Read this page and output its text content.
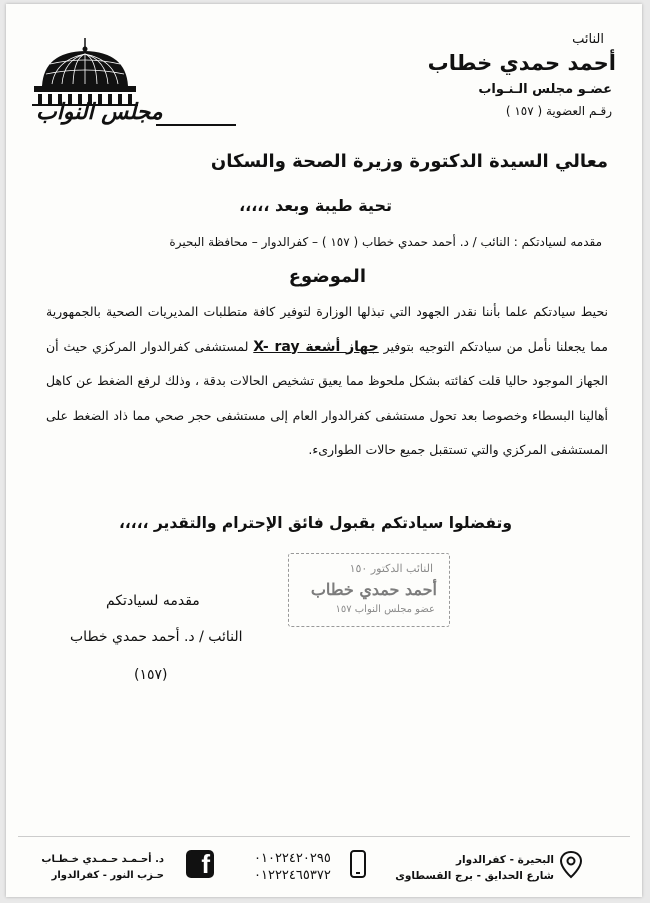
النائب
أحمد حمدي خطاب
عضـو مجلس الـنـواب
رقـم العضوية ( ١٥٧ )
مجلس النواب
معالي السيدة الدكتورة وزيرة الصحة والسكان
تحية طيبة وبعد ،،،،،
مقدمه لسيادتكم : النائب / د. أحمد حمدي خطاب ( ١٥٧ ) – كفرالدوار – محافظة البحيرة
الموضوع
نحيط سيادتكم علما بأننا نقدر الجهود التي تبذلها الوزارة لتوفير كافة متطلبات المديريات الصحية بالجمهورية مما يجعلنا نأمل من سيادتكم التوجيه بتوفير جهاز أشعة X- ray لمستشفى كفرالدوار المركزي حيث أن الجهاز الموجود حاليا قلت كفائته بشكل ملحوظ مما يعيق تشخيص الحالات بدقة ، وذلك لرفع الضغط عن كاهل أهالينا البسطاء وخصوصا بعد تحول مستشفى كفرالدوار العام إلى مستشفى حجر صحي مما ذاد الضغط على المستشفى المركزي والتي تستقبل جميع حالات الطوارىء.
وتفضلوا سيادتكم بقبول فائق الإحترام والتقدير ،،،،،
النائب الدكتور ١٥٠
أحمد حمدي خطاب
عضو مجلس النواب ١٥٧
مقدمه لسيادتكم
النائب / د. أحمد حمدي خطاب
(١٥٧)
f
د. أحـمـد حـمـدي خـطـاب
حـزب النور - كفرالدوار
٠١٠٢٢٤٢٠٢٩٥
٠١٢٢٢٤٦٥٣٧٢
البحيرة - كفرالدوار
شارع الحدايق - برج القسطاوى
